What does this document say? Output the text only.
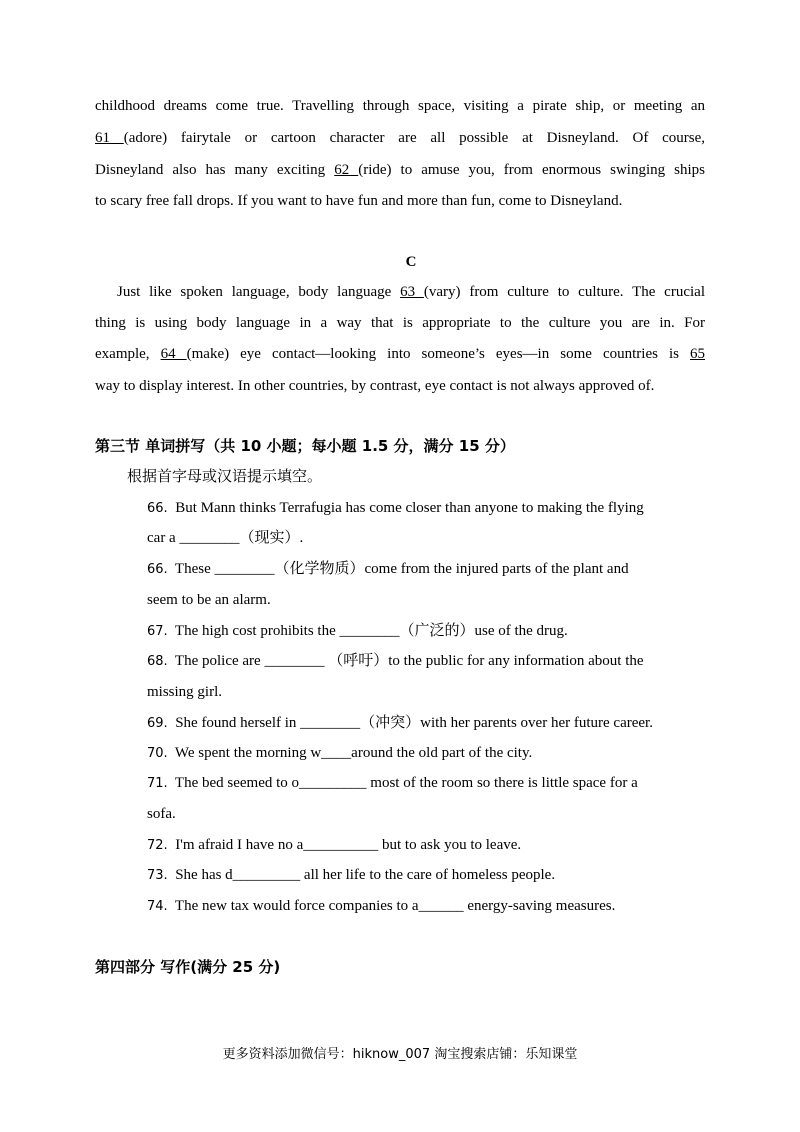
childhood dreams come true. Travelling through space, visiting a pirate ship, or meeting an
61 (adore) fairytale or cartoon character are all possible at Disneyland. Of course,
Disneyland also has many exciting 62 (ride) to amuse you, from enormous swinging ships
to scary free fall drops. If you want to have fun and more than fun, come to Disneyland.
C
Just like spoken language, body language 63 (vary) from culture to culture. The crucial
thing is using body language in a way that is appropriate to the culture you are in. For
example, 64 (make) eye contact—looking into someone’s eyes—in some countries is 65
way to display interest. In other countries, by contrast, eye contact is not always approved of.
第三节 单词拼写（共 10 小题；每小题 1.5 分，满分 15 分）
根据首字母或汉语提示填空。
66. But Mann thinks Terrafugia has come closer than anyone to making the flying
car a ________（现实）.
66. These ________（化学物质）come from the injured parts of the plant and
seem to be an alarm.
67. The high cost prohibits the ________（广泛的）use of the drug.
68. The police are ________ （呼吁）to the public for any information about the
missing girl.
69. She found herself in ________（冲突）with her parents over her future career.
70. We spent the morning w____around the old part of the city.
71. The bed seemed to o_________ most of the room so there is little space for a
sofa.
72. I'm afraid I have no a__________ but to ask you to leave.
73. She has d_________ all her life to the care of homeless people.
74. The new tax would force companies to a______ energy-saving measures.
第四部分 写作(满分 25 分)
更多资料添加微信号：hiknow_007 淘宝搜索店铺：乐知课堂
